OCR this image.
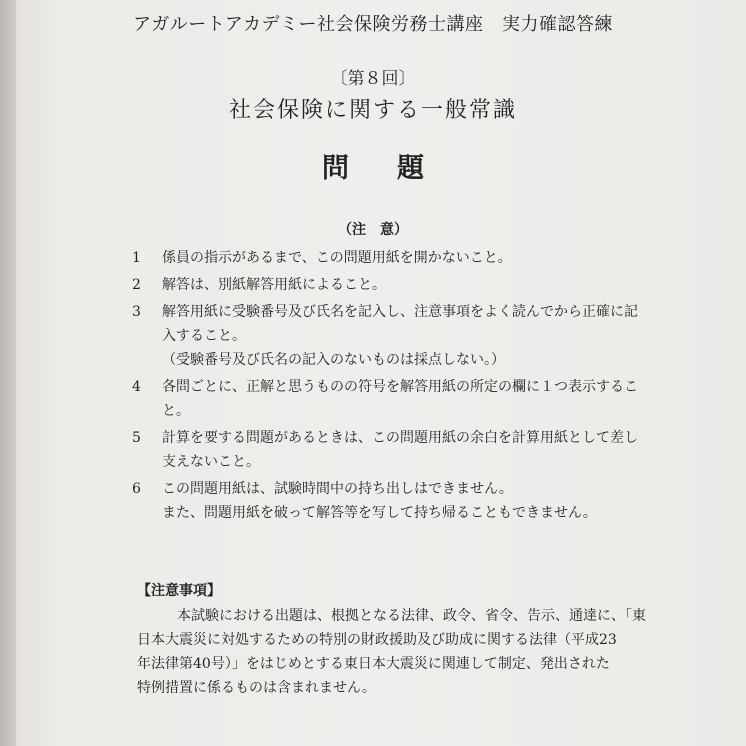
アガルートアカデミー社会保険労務士講座　実力確認答練
〔第８回〕
社会保険に関する一般常識
問題
（注　意）
1	係員の指示があるまで、この問題用紙を開かないこと。
2	解答は、別紙解答用紙によること。
3	解答用紙に受験番号及び氏名を記入し、注意事項をよく読んでから正確に記
入すること。
（受験番号及び氏名の記入のないものは採点しない。）
4	各問ごとに、正解と思うものの符号を解答用紙の所定の欄に１つ表示するこ
と。
5	計算を要する問題があるときは、この問題用紙の余白を計算用紙として差し
支えないこと。
6	この問題用紙は、試験時間中の持ち出しはできません。
また、問題用紙を破って解答等を写して持ち帰ることもできません。
【注意事項】
本試験における出題は、根拠となる法律、政令、省令、告示、通達に、「東
日本大震災に対処するための特別の財政援助及び助成に関する法律（平成23
年法律第40号）」をはじめとする東日本大震災に関連して制定、発出された
特例措置に係るものは含まれません。
